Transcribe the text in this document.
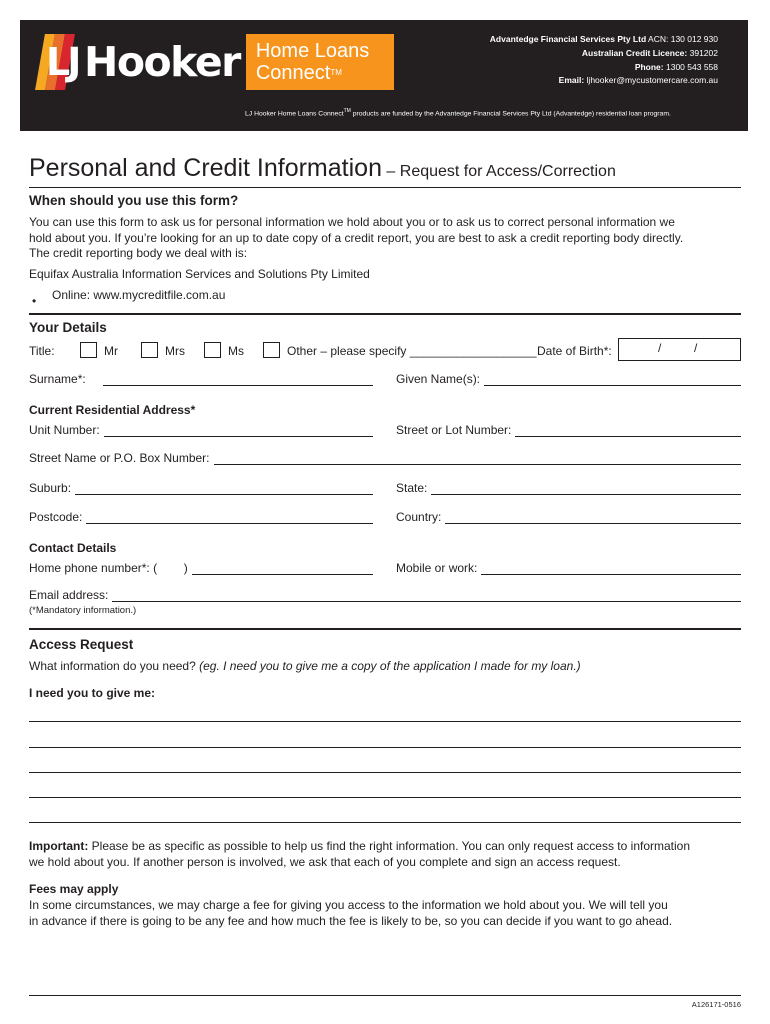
LJ Hooker Home Loans
Connect™
Advantedge Financial Services Pty Ltd ACN: 130 012 930
Australian Credit Licence: 391202
Phone: 1300 543 558
Email: ljhooker@mycustomercare.com.au
LJ Hooker Home Loans Connect™ products are funded by the Advantedge Financial Services Pty Ltd (Advantedge) residential loan program.
Personal and Credit Information – Request for Access/Correction
When should you use this form?
You can use this form to ask us for personal information we hold about you or to ask us to correct personal information we
hold about you. If you’re looking for an up to date copy of a credit report, you are best to ask a credit reporting body directly.
The credit reporting body we deal with is:
Equifax Australia Information Services and Solutions Pty Limited
• Online: www.mycreditfile.com.au
Your Details
Title:	Mr	Mrs	Ms	Other – please specify ___________________ Date of Birth*:	/	/
Surname*:	Given Name(s):
Current Residential Address*
Unit Number:	Street or Lot Number:
Street Name or P.O. Box Number:
Suburb:	State:
Postcode:	Country:
Contact Details
Home phone number*: (        )	Mobile or work:
Email address:
(*Mandatory information.)
Access Request
What information do you need? (eg. I need you to give me a copy of the application I made for my loan.)
I need you to give me:
Important: Please be as specific as possible to help us find the right information. You can only request access to information
we hold about you. If another person is involved, we ask that each of you complete and sign an access request.
Fees may apply
In some circumstances, we may charge a fee for giving you access to the information we hold about you. We will tell you
in advance if there is going to be any fee and how much the fee is likely to be, so you can decide if you want to go ahead.
A126171-0516
